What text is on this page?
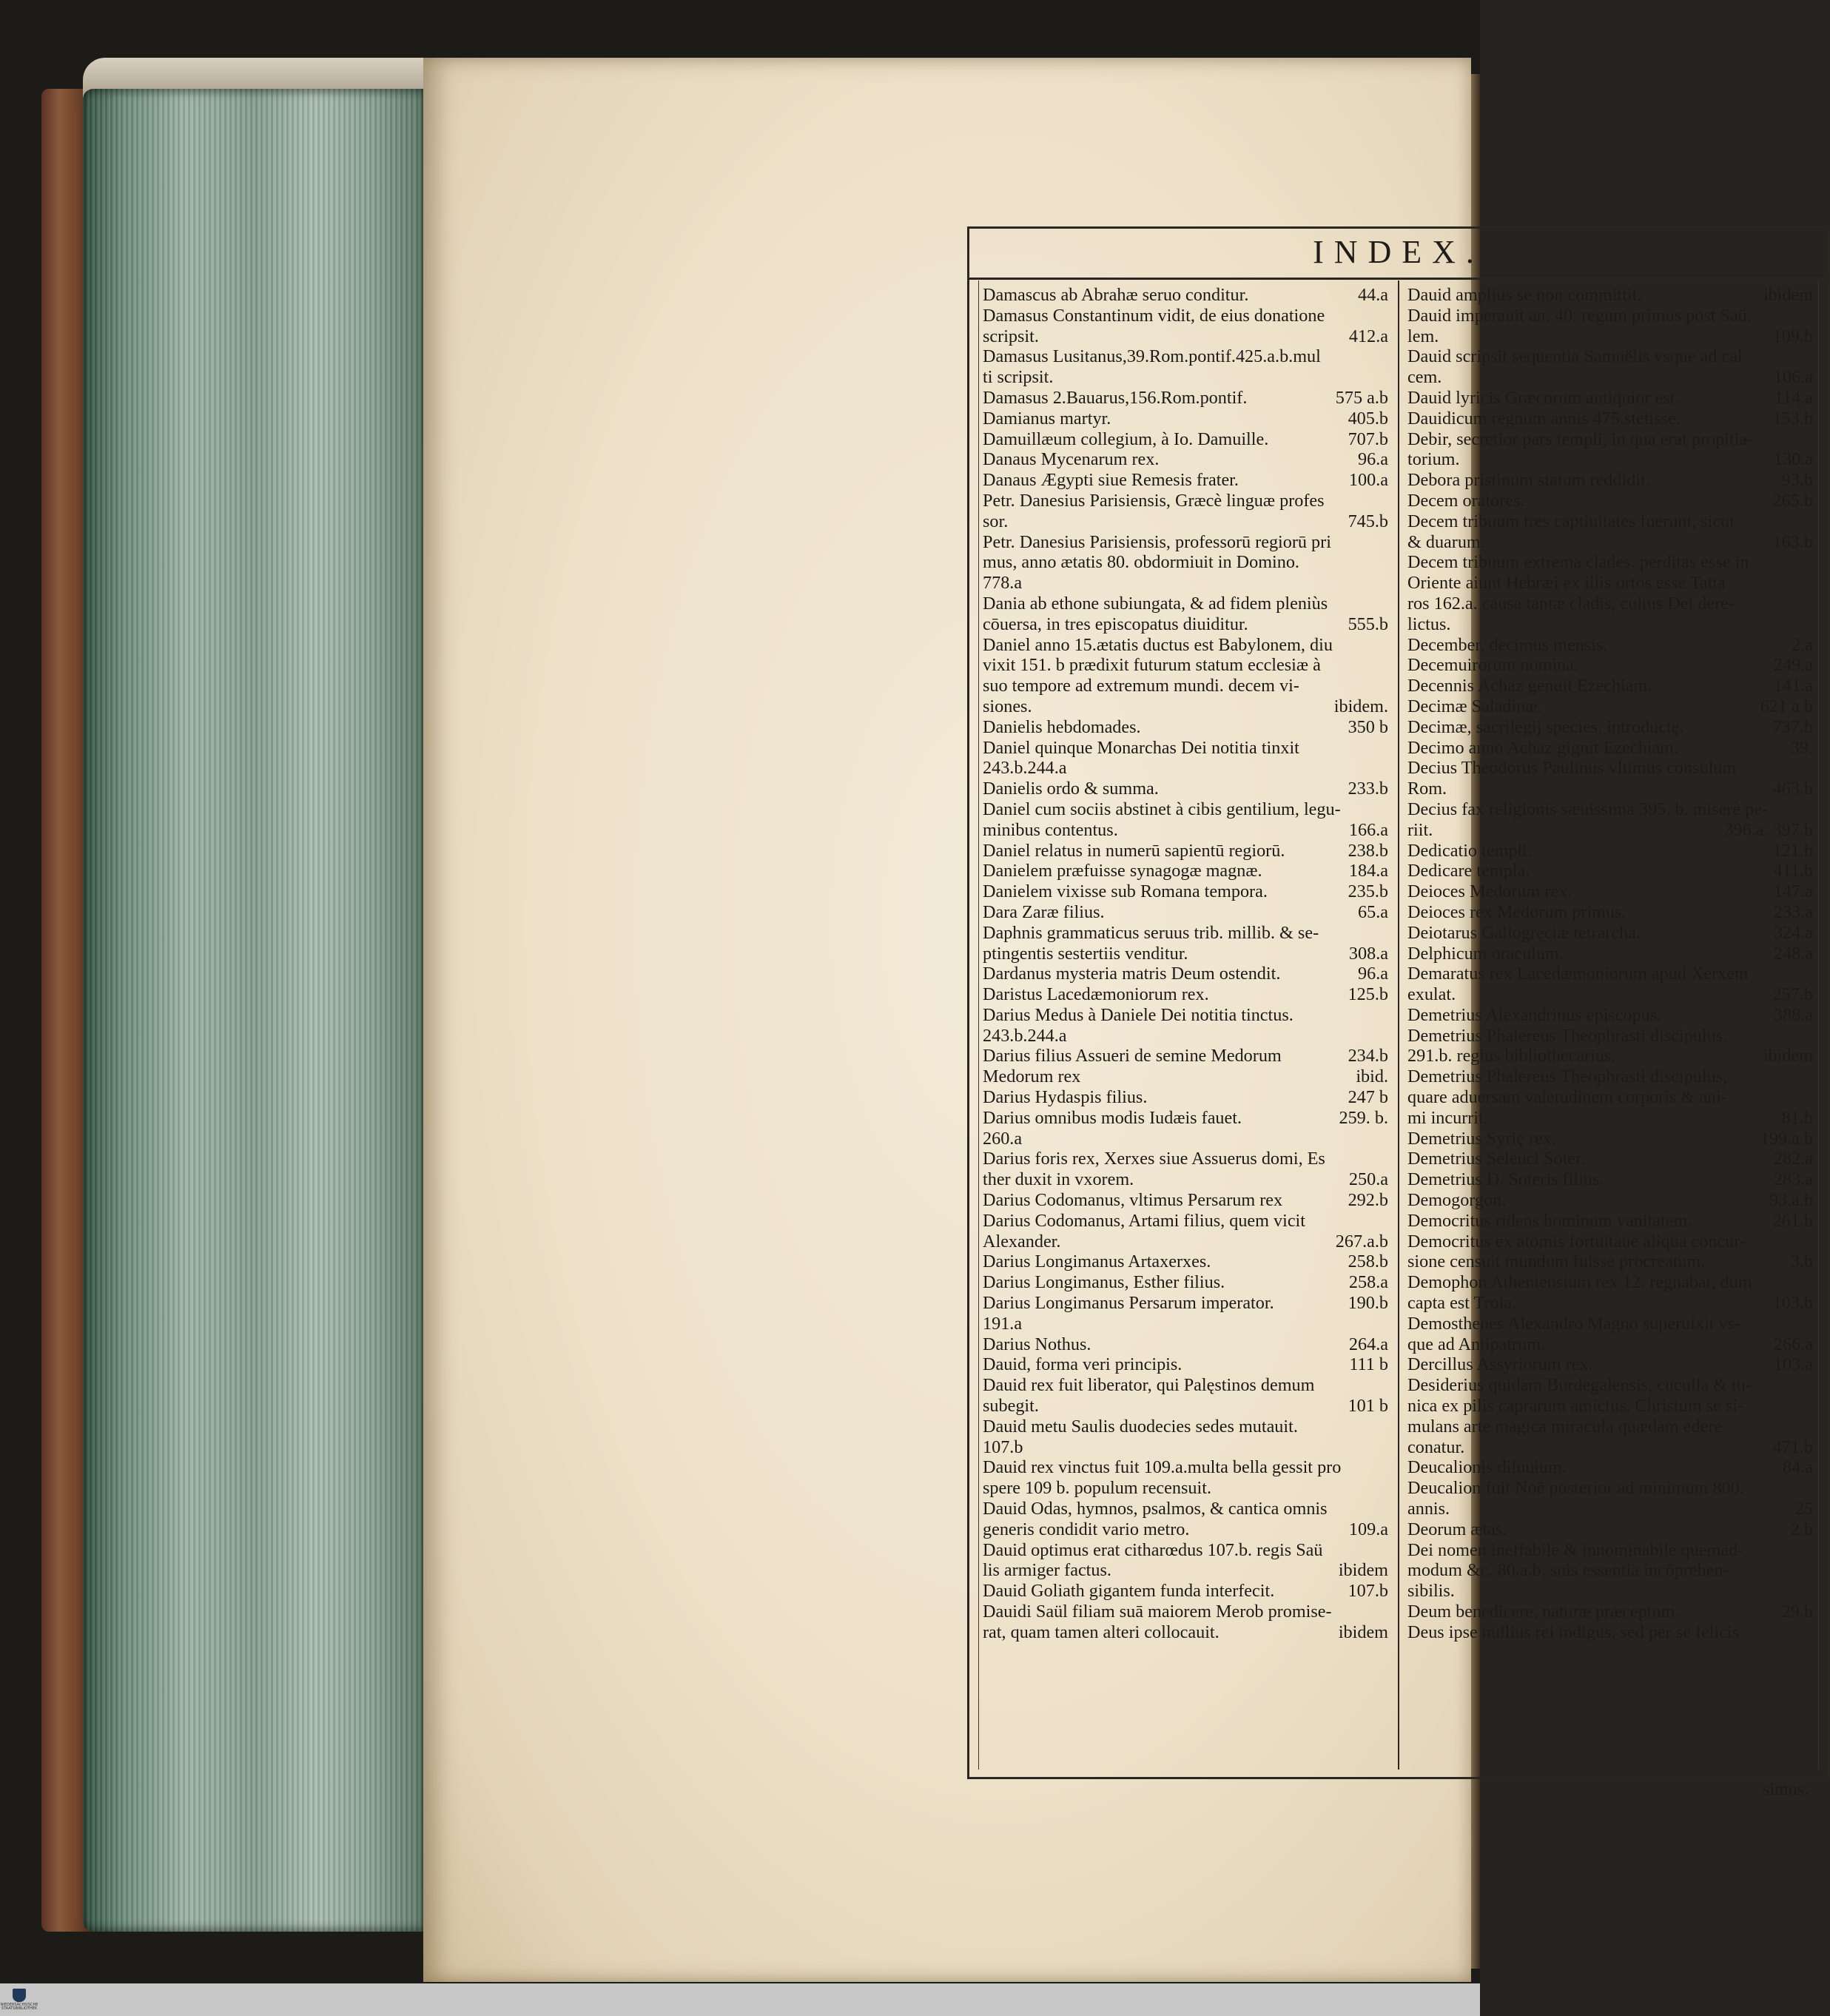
INDEX.
Damascus ab Abrahæ seruo conditur.	44.a
Damasus Constantinum vidit, de eius donatione
scripsit.	412.a
Damasus Lusitanus,39.Rom.pontif.425.a.b.mul
ti scripsit.
Damasus 2.Bauarus,156.Rom.pontif.	575 a.b
Damianus martyr.	405.b
Damuillæum collegium, à Io. Damuille.	707.b
Danaus Mycenarum rex.	96.a
Danaus Ægypti siue Remesis frater.	100.a
Petr. Danesius Parisiensis, Græcè linguæ profes
sor.	745.b
Petr. Danesius Parisiensis, professorū regiorū pri
mus, anno ætatis 80. obdormiuit in Domino.
778.a
Dania ab ethone subiungata, & ad fidem pleniùs
cōuersa, in tres episcopatus diuiditur.	555.b
Daniel anno 15.ætatis ductus est Babylonem, diu
vixit 151. b prædixit futurum statum ecclesiæ à
suo tempore ad extremum mundi. decem vi-
siones.	ibidem.
Danielis hebdomades.	350 b
Daniel quinque Monarchas Dei notitia tinxit
243.b.244.a
Danielis ordo & summa.	233.b
Daniel cum sociis abstinet à cibis gentilium, legu-
minibus contentus.	166.a
Daniel relatus in numerū sapientū regiorū.	238.b
Danielem præfuisse synagogæ magnæ.	184.a
Danielem vixisse sub Romana tempora.	235.b
Dara Zaræ filius.	65.a
Daphnis grammaticus seruus trib. millib. & se-
ptingentis sestertiis venditur.	308.a
Dardanus mysteria matris Deum ostendit.	96.a
Daristus Lacedæmoniorum rex.	125.b
Darius Medus à Daniele Dei notitia tinctus.
243.b.244.a
Darius filius Assueri de semine Medorum	234.b
Medorum rex	ibid.
Darius Hydaspis filius.	247 b
Darius omnibus modis Iudæis fauet.	259. b.
260.a
Darius foris rex, Xerxes siue Assuerus domi, Es
ther duxit in vxorem.	250.a
Darius Codomanus, vltimus Persarum rex	292.b
Darius Codomanus, Artami filius, quem vicit
Alexander.	267.a.b
Darius Longimanus Artaxerxes.	258.b
Darius Longimanus, Esther filius.	258.a
Darius Longimanus Persarum imperator.	190.b
191.a
Darius Nothus.	264.a
Dauid, forma veri principis.	111 b
Dauid rex fuit liberator, qui Palęstinos demum
subegit.	101 b
Dauid metu Saulis duodecies sedes mutauit.
107.b
Dauid rex vinctus fuit 109.a.multa bella gessit pro
spere 109 b. populum recensuit.
Dauid Odas, hymnos, psalmos, & cantica omnis
generis condidit vario metro.	109.a
Dauid optimus erat citharœdus 107.b. regis Saü
lis armiger factus.	ibidem
Dauid Goliath gigantem funda interfecit.	107.b
Dauidi Saül filiam suā maiorem Merob promise-
rat, quam tamen alteri collocauit.	ibidem
Dauid amplius se non committit.	ibidem
Dauid imperauit an. 40. regum primus post Saü.
lem.	109.b
Dauid scripsit sequentia Samuëlis vsque ad cal
cem.	106.a
Dauid lyricis Græcorum antiquior est.	114.a
Dauidicum regnum annis 475.stetisse.	153.b
Debir, secretior pars templi, in qua erat propitia-
torium.	130.a
Debora pristinum statum reddidit.	93.b
Decem oratores.	265.b
Decem tribuum tres captiuitates fuerunt, sicut
& duarum.	163.b
Decem tribuum extrema clades. perditas esse in
Oriente aiunt Hebræi ex illis ortos esse Tatta
ros 162.a. causa tantæ cladis, cultus Dei dere-
lictus.
December, decimus mensis.	2.a
Decemuirorum nomina.	249.a
Decennis Achaz genuit Ezechiam.	141.a
Decimæ Saladinæ.	621 a b
Decimæ, sacrilegij species, introductę.	737.b
Decimo anno Achaz gignit Ezechiam.	39.
Decius Theodorus Paulinus vltimus consulum
Rom.	463.b
Decius fax religionis sæuissima 395. b. miserè pe-
riit.	396.a. 397.b
Dedicatio templi.	121.b
Dedicare templa.	411.b
Deioces Medorum rex.	147.a
Deioces rex Medorum primus.	233.a
Deiotarus Gallogręciæ tetrarcha.	324.a
Delphicum oraculum.	248.a
Demaratus rex Lacedæmoniorum apud Xerxem
exulat.	257.b
Demetrius Alexandrinus episcopus.	388.a
Demetrius Phalereus Theophrasti discipulus.
291.b. regius bibliothecarius.	ibidem
Demetrius Phalereus Theophrasti discipulus,
quare aduersam valetudinem corporis & ani-
mi incurrit.	81.b
Demetrius Syrię rex.	199.a.b
Demetrius Seleuci Soter.	282.a
Demetrius D. Soteris filius.	283.a
Demogorgon.	93.a.b
Democritus ridens hominum vanitatem.	261.b
Democritus ex atomis fortuitàue aliqua concur-
sione censuit mundum fuisse procreatum.	3.b
Demophon Atheniensium rex 12. regnabat, dum
capta est Troia.	103.b
Demosthenes Alexandro Magno superuixit vs-
que ad Antipatrum.	266.a
Dercillus Assyriorum rex.	103.a
Desiderius quidam Burdegalensis, cuculla & tu-
nica ex pilis caprarum amictus, Christum se si-
mulans arte magica miracula quædam edere
conatur.	471.b
Deucalionis diluuium.	84.a
Deucalion fuit Noë posterior ad minimum 800.
annis.	25
Deorum ætas.	2.b
Dei nomen ineffabile & innominabile quemad-
modum &c. 80.a.b. suis essentia incōprehen-
sibilis.
Deum benedicere, naturæ præceptum.	29.b
Deus ipse nullius rei indigus, sed per se felicis
simus.
NIEDERSÄCHSISCHE STAATSBIBLIOTHEK
